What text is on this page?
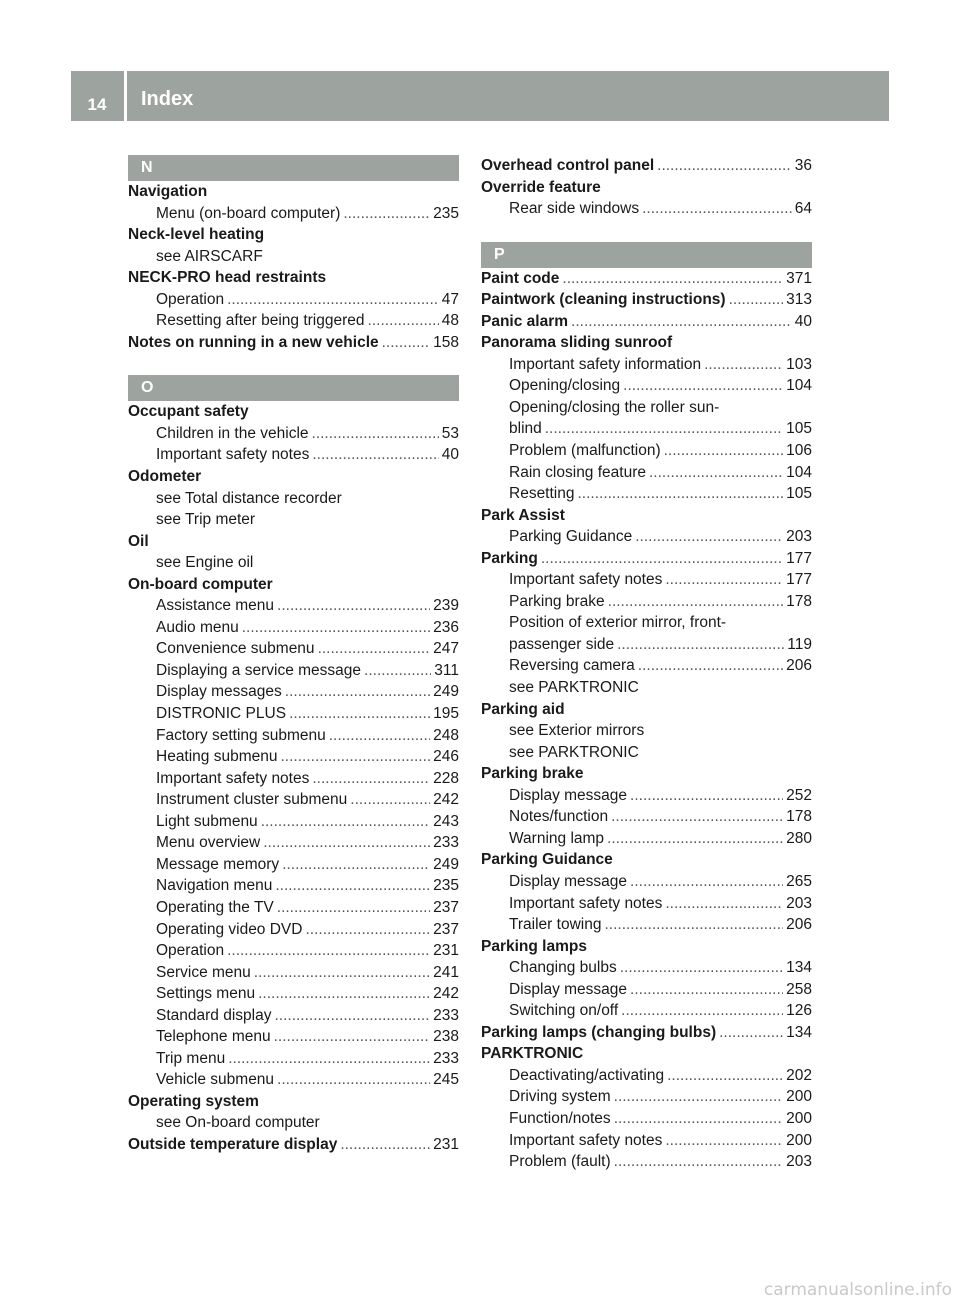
14	Index
N
Navigation
Menu (on-board computer) .....	235
Neck-level heating
see AIRSCARF
NECK-PRO head restraints
Operation .....	47
Resetting after being triggered .....	48
Notes on running in a new vehicle .....	158
O
Occupant safety
Children in the vehicle .....	53
Important safety notes .....	40
Odometer
see Total distance recorder
see Trip meter
Oil
see Engine oil
On-board computer
Assistance menu .....	239
Audio menu .....	236
Convenience submenu .....	247
Displaying a service message .....	311
Display messages .....	249
DISTRONIC PLUS .....	195
Factory setting submenu .....	248
Heating submenu .....	246
Important safety notes .....	228
Instrument cluster submenu .....	242
Light submenu .....	243
Menu overview .....	233
Message memory .....	249
Navigation menu .....	235
Operating the TV .....	237
Operating video DVD .....	237
Operation .....	231
Service menu .....	241
Settings menu .....	242
Standard display .....	233
Telephone menu .....	238
Trip menu .....	233
Vehicle submenu .....	245
Operating system
see On-board computer
Outside temperature display .....	231
Overhead control panel .....	36
Override feature
Rear side windows .....	64
P
Paint code .....	371
Paintwork (cleaning instructions) .....	313
Panic alarm .....	40
Panorama sliding sunroof
Important safety information .....	103
Opening/closing .....	104
Opening/closing the roller sun-
blind .....	105
Problem (malfunction) .....	106
Rain closing feature .....	104
Resetting .....	105
Park Assist
Parking Guidance .....	203
Parking .....	177
Important safety notes .....	177
Parking brake .....	178
Position of exterior mirror, front-
passenger side .....	119
Reversing camera .....	206
see PARKTRONIC
Parking aid
see Exterior mirrors
see PARKTRONIC
Parking brake
Display message .....	252
Notes/function .....	178
Warning lamp .....	280
Parking Guidance
Display message .....	265
Important safety notes .....	203
Trailer towing .....	206
Parking lamps
Changing bulbs .....	134
Display message .....	258
Switching on/off .....	126
Parking lamps (changing bulbs) .....	134
PARKTRONIC
Deactivating/activating .....	202
Driving system .....	200
Function/notes .....	200
Important safety notes .....	200
Problem (fault) .....	203
carmanualsonline.info
